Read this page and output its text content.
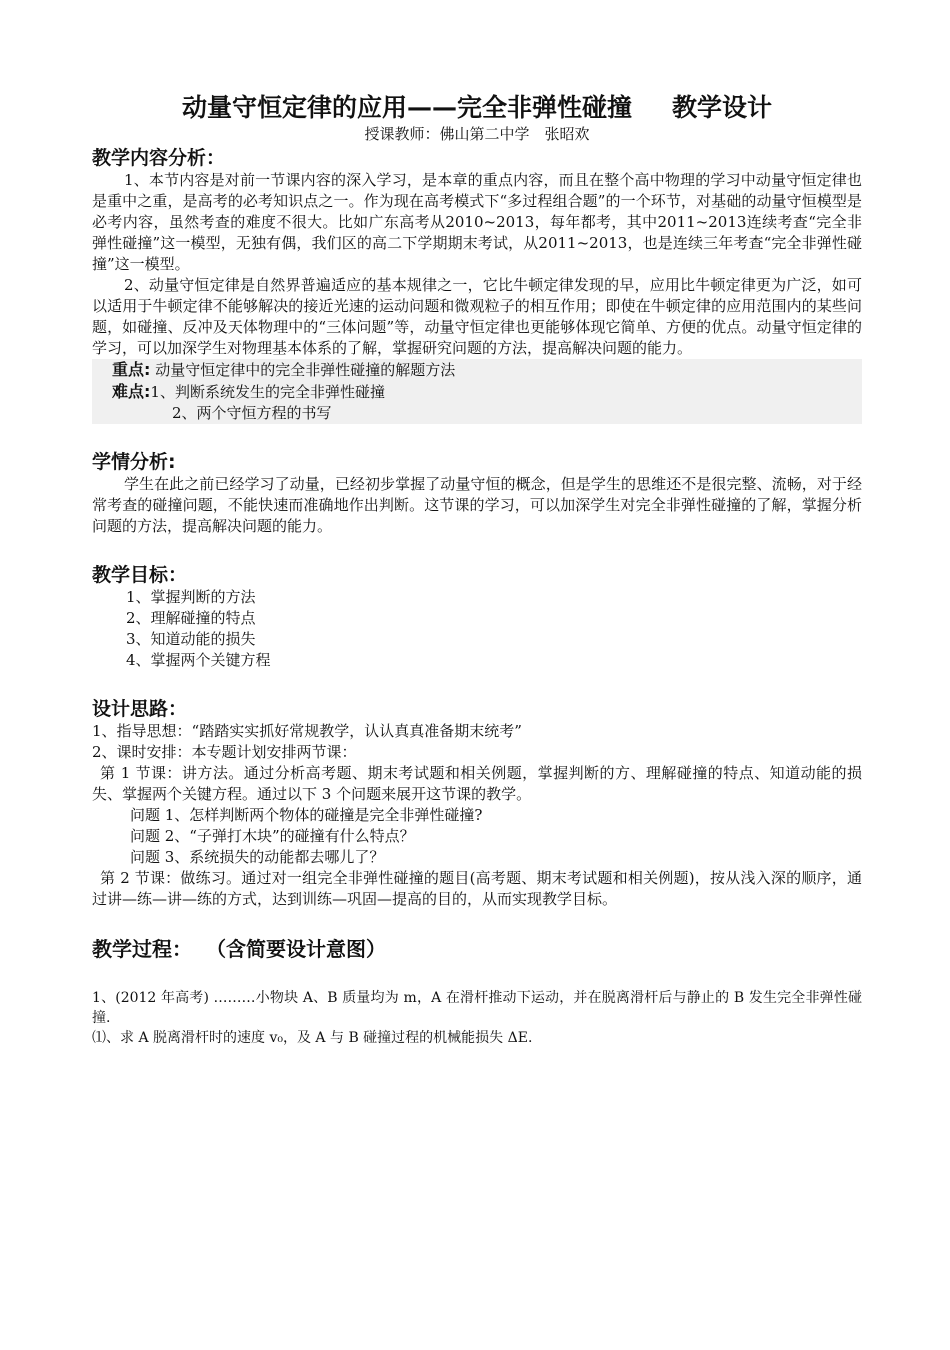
动量守恒定律的应用——完全非弹性碰撞 教学设计

授课教师：佛山第二中学　张昭欢

教学内容分析：

1、本节内容是对前一节课内容的深入学习，是本章的重点内容，而且在整个高中物理的学习中动量守恒定律也是重中之重，是高考的必考知识点之一。作为现在高考模式下“多过程组合题”的一个环节，对基础的动量守恒模型是必考内容，虽然考查的难度不很大。比如广东高考从2010~2013，每年都考，其中2011~2013连续考查“完全非弹性碰撞”这一模型，无独有偶，我们区的高二下学期期末考试，从2011~2013，也是连续三年考查“完全非弹性碰撞”这一模型。

2、动量守恒定律是自然界普遍适应的基本规律之一，它比牛顿定律发现的早，应用比牛顿定律更为广泛，如可以适用于牛顿定律不能够解决的接近光速的运动问题和微观粒子的相互作用；即使在牛顿定律的应用范围内的某些问题，如碰撞、反冲及天体物理中的“三体问题”等，动量守恒定律也更能够体现它简单、方便的优点。动量守恒定律的学习，可以加深学生对物理基本体系的了解，掌握研究问题的方法，提高解决问题的能力。

重点: 动量守恒定律中的完全非弹性碰撞的解题方法
难点:1、判断系统发生的完全非弹性碰撞
2、两个守恒方程的书写
学情分析:

学生在此之前已经学习了动量，已经初步掌握了动量守恒的概念，但是学生的思维还不是很完整、流畅，对于经常考查的碰撞问题，不能快速而准确地作出判断。这节课的学习，可以加深学生对完全非弹性碰撞的了解，掌握分析问题的方法，提高解决问题的能力。

教学目标：
1、掌握判断的方法
2、理解碰撞的特点
3、知道动能的损失
4、掌握两个关键方程
设计思路：

1、指导思想：“踏踏实实抓好常规教学，认认真真准备期末统考”

2、课时安排：本专题计划安排两节课：

第 1 节课：讲方法。通过分析高考题、期末考试题和相关例题，掌握判断的方、理解碰撞的特点、知道动能的损失、掌握两个关键方程。通过以下 3 个问题来展开这节课的教学。

问题 1、怎样判断两个物体的碰撞是完全非弹性碰撞?
问题 2、“子弹打木块”的碰撞有什么特点？
问题 3、系统损失的动能都去哪儿了？

第 2 节课：做练习。通过对一组完全非弹性碰撞的题目(高考题、期末考试题和相关例题)，按从浅入深的顺序，通过讲—练—讲—练的方式，达到训练—巩固—提高的目的，从而实现教学目标。

教学过程： （含简要设计意图）

1、(2012 年高考) ………小物块 A、B 质量均为 m，A 在滑杆推动下运动，并在脱离滑杆后与静止的 B 发生完全非弹性碰撞.

⑴、求 A 脱离滑杆时的速度 v₀，及 A 与 B 碰撞过程的机械能损失 ΔE.
